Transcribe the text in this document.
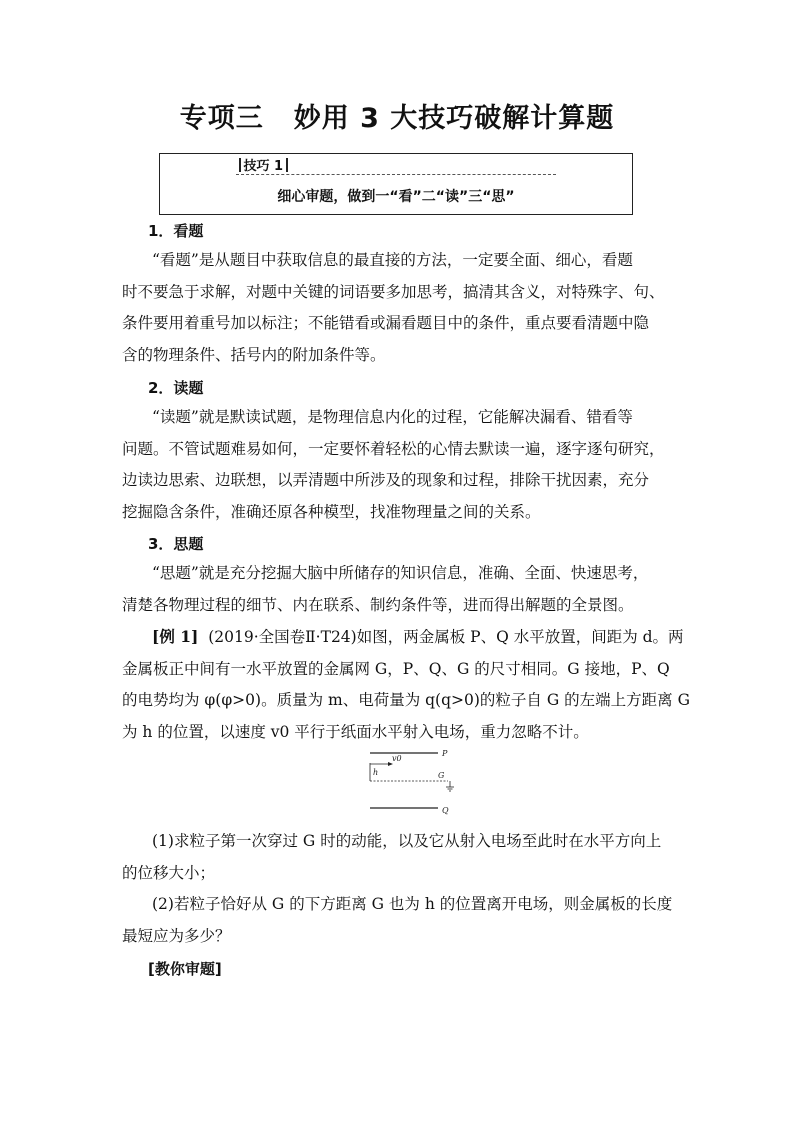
专项三 妙用 3 大技巧破解计算题
技巧 1
细心审题，做到一“看”二“读”三“思”
1．看题
“看题”是从题目中获取信息的最直接的方法，一定要全面、细心，看题
时不要急于求解，对题中关键的词语要多加思考，搞清其含义，对特殊字、句、
条件要用着重号加以标注；不能错看或漏看题目中的条件，重点要看清题中隐
含的物理条件、括号内的附加条件等。
2．读题
“读题”就是默读试题，是物理信息内化的过程，它能解决漏看、错看等
问题。不管试题难易如何，一定要怀着轻松的心情去默读一遍，逐字逐句研究，
边读边思索、边联想，以弄清题中所涉及的现象和过程，排除干扰因素，充分
挖掘隐含条件，准确还原各种模型，找准物理量之间的关系。
3．思题
“思题”就是充分挖掘大脑中所储存的知识信息，准确、全面、快速思考，
清楚各物理过程的细节、内在联系、制约条件等，进而得出解题的全景图。
[例 1] (2019·全国卷Ⅱ·T24)如图，两金属板 P、Q 水平放置，间距为 d。两
金属板正中间有一水平放置的金属网 G，P、Q、G 的尺寸相同。G 接地，P、Q
的电势均为 φ(φ>0)。质量为 m、电荷量为 q(q>0)的粒子自 G 的左端上方距离 G
为 h 的位置，以速度 v0 平行于纸面水平射入电场，重力忽略不计。
P
v0
h	G
Q
(1)求粒子第一次穿过 G 时的动能，以及它从射入电场至此时在水平方向上
的位移大小；
(2)若粒子恰好从 G 的下方距离 G 也为 h 的位置离开电场，则金属板的长度
最短应为多少？
[教你审题]
